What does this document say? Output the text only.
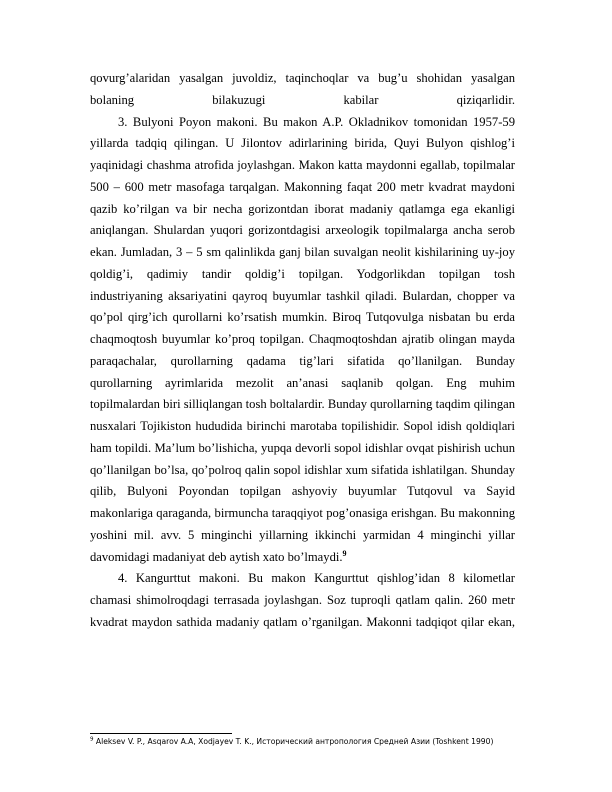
qovurg’alaridan yasalgan juvoldiz, taqinchoqlar va bug’u shohidan yasalgan bolaning bilakuzugi kabilar qiziqarlidir.

3. Bulyoni Poyon makoni. Bu makon A.P. Okladnikov tomonidan 1957-59 yillarda tadqiq qilingan. U Jilontov adirlarining birida, Quyi Bulyon qishlog’i yaqinidagi chashma atrofida joylashgan. Makon katta maydonni egallab, topilmalar 500 – 600 metr masofaga tarqalgan. Makonning faqat 200 metr kvadrat maydoni qazib ko’rilgan va bir necha gorizontdan iborat madaniy qatlamga ega ekanligi aniqlangan. Shulardan yuqori gorizontdagisi arxeologik topilmalarga ancha serob ekan. Jumladan, 3 – 5 sm qalinlikda ganj bilan suvalgan neolit kishilarining uy-joy qoldig’i, qadimiy tandir qoldig’i topilgan. Yodgorlikdan topilgan tosh industriyaning aksariyatini qayroq buyumlar tashkil qiladi. Bulardan, chopper va qo’pol qirg’ich qurollarni ko’rsatish mumkin. Biroq Tutqovulga nisbatan bu erda chaqmoqtosh buyumlar ko’proq topilgan. Chaqmoqtoshdan ajratib olingan mayda paraqachalar, qurollarning qadama tig’lari sifatida qo’llanilgan. Bunday qurollarning ayrimlarida mezolit an’anasi saqlanib qolgan. Eng muhim topilmalardan biri silliqlangan tosh boltalardir. Bunday qurollarning taqdim qilingan nusxalari Tojikiston hududida birinchi marotaba topilishidir. Sopol idish qoldiqlari ham topildi. Ma’lum bo’lishicha, yupqa devorli sopol idishlar ovqat pishirish uchun qo’llanilgan bo’lsa, qo’polroq qalin sopol idishlar xum sifatida ishlatilgan. Shunday qilib, Bulyoni Poyondan topilgan ashyoviy buyumlar Tutqovul va Sayid makonlariga qaraganda, birmuncha taraqqiyot pog’onasiga erishgan. Bu makonning yoshini mil. avv. 5 minginchi yillarning ikkinchi yarmidan 4 minginchi yillar davomidagi madaniyat deb aytish xato bo’lmaydi.$^9$

4. Kangurttut makoni. Bu makon Kangurttut qishlog’idan 8 kilometlar chamasi shimolroqdagi terrasada joylashgan. Soz tuproqli qatlam qalin. 260 metr kvadrat maydon sathida madaniy qatlam o’rganilgan. Makonni tadqiqot qilar ekan,

$^9$ Aleksev V. P., Asqarov A.A, Xodjayev T. K., Исторический антропология Средней Азии (Toshkent 1990)
